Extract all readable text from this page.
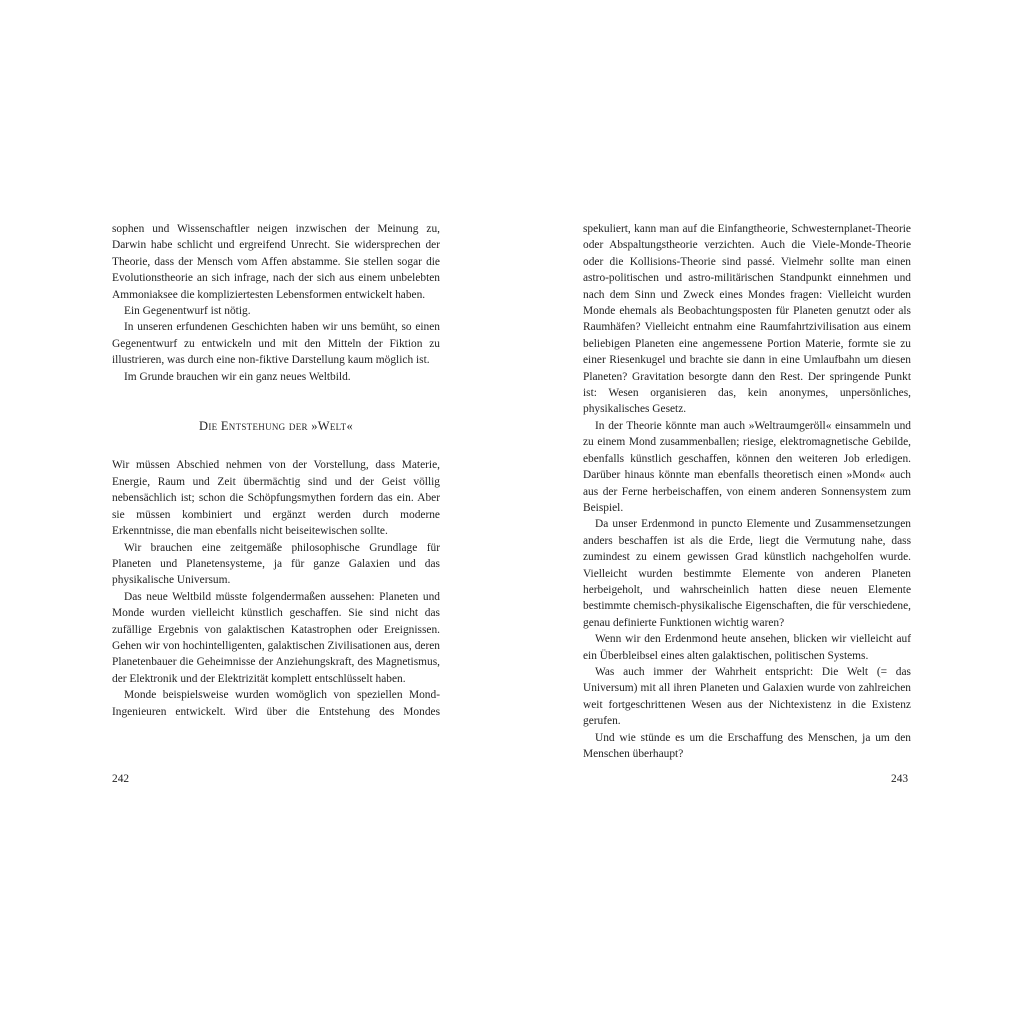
sophen und Wissenschaftler neigen inzwischen der Meinung zu, Darwin habe schlicht und ergreifend Unrecht. Sie widersprechen der Theorie, dass der Mensch vom Affen abstamme. Sie stellen sogar die Evolutionstheorie an sich infrage, nach der sich aus einem unbelebten Ammoniaksee die kompliziertesten Lebensformen entwickelt haben.

Ein Gegenentwurf ist nötig.

In unseren erfundenen Geschichten haben wir uns bemüht, so einen Gegenentwurf zu entwickeln und mit den Mitteln der Fiktion zu illustrieren, was durch eine non-fiktive Darstellung kaum möglich ist.

Im Grunde brauchen wir ein ganz neues Weltbild.

Die Entstehung der »Welt«

Wir müssen Abschied nehmen von der Vorstellung, dass Materie, Energie, Raum und Zeit übermächtig sind und der Geist völlig nebensächlich ist; schon die Schöpfungsmythen fordern das ein. Aber sie müssen kombiniert und ergänzt werden durch moderne Erkenntnisse, die man ebenfalls nicht beiseitewischen sollte.

Wir brauchen eine zeitgemäße philosophische Grundlage für Planeten und Planetensysteme, ja für ganze Galaxien und das physikalische Universum.

Das neue Weltbild müsste folgendermaßen aussehen: Planeten und Monde wurden vielleicht künstlich geschaffen. Sie sind nicht das zufällige Ergebnis von galaktischen Katastrophen oder Ereignissen. Gehen wir von hochintelligenten, galaktischen Zivilisationen aus, deren Planetenbauer die Geheimnisse der Anziehungskraft, des Magnetismus, der Elektronik und der Elektrizität komplett entschlüsselt haben.

Monde beispielsweise wurden womöglich von speziellen Mond-Ingenieuren entwickelt. Wird über die Entstehung des Mondes

spekuliert, kann man auf die Einfangtheorie, Schwesternplanet-Theorie oder Abspaltungstheorie verzichten. Auch die Viele-Monde-Theorie oder die Kollisions-Theorie sind passé. Vielmehr sollte man einen astro-politischen und astro-militärischen Standpunkt einnehmen und nach dem Sinn und Zweck eines Mondes fragen: Vielleicht wurden Monde ehemals als Beobachtungsposten für Planeten genutzt oder als Raumhäfen? Vielleicht entnahm eine Raumfahrtzivilisation aus einem beliebigen Planeten eine angemessene Portion Materie, formte sie zu einer Riesenkugel und brachte sie dann in eine Umlaufbahn um diesen Planeten? Gravitation besorgte dann den Rest. Der springende Punkt ist: Wesen organisieren das, kein anonymes, unpersönliches, physikalisches Gesetz.

In der Theorie könnte man auch »Weltraumgeröll« einsammeln und zu einem Mond zusammenballen; riesige, elektromagnetische Gebilde, ebenfalls künstlich geschaffen, können den weiteren Job erledigen. Darüber hinaus könnte man ebenfalls theoretisch einen »Mond« auch aus der Ferne herbeischaffen, von einem anderen Sonnensystem zum Beispiel.

Da unser Erdenmond in puncto Elemente und Zusammensetzungen anders beschaffen ist als die Erde, liegt die Vermutung nahe, dass zumindest zu einem gewissen Grad künstlich nachgeholfen wurde. Vielleicht wurden bestimmte Elemente von anderen Planeten herbeigeholt, und wahrscheinlich hatten diese neuen Elemente bestimmte chemisch-physikalische Eigenschaften, die für verschiedene, genau definierte Funktionen wichtig waren?

Wenn wir den Erdenmond heute ansehen, blicken wir vielleicht auf ein Überbleibsel eines alten galaktischen, politischen Systems.

Was auch immer der Wahrheit entspricht: Die Welt (= das Universum) mit all ihren Planeten und Galaxien wurde von zahlreichen weit fortgeschrittenen Wesen aus der Nichtexistenz in die Existenz gerufen.

Und wie stünde es um die Erschaffung des Menschen, ja um den Menschen überhaupt?

242	243
